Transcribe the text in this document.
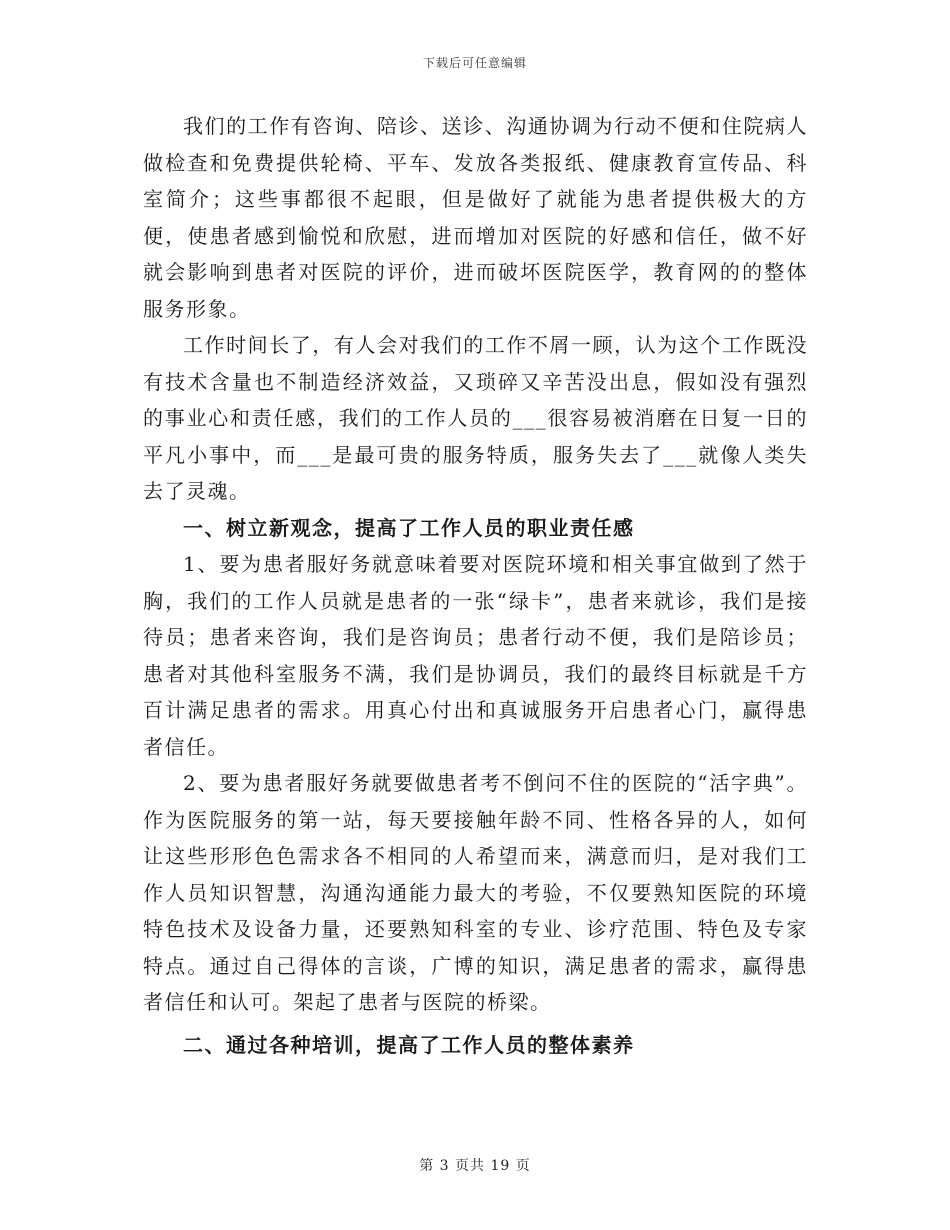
下载后可任意编辑

我们的工作有咨询、陪诊、送诊、沟通协调为行动不便和住院病人做检查和免费提供轮椅、平车、发放各类报纸、健康教育宣传品、科室简介；这些事都很不起眼，但是做好了就能为患者提供极大的方便，使患者感到愉悦和欣慰，进而增加对医院的好感和信任，做不好就会影响到患者对医院的评价，进而破坏医院医学，教育网的的整体服务形象。

工作时间长了，有人会对我们的工作不屑一顾，认为这个工作既没有技术含量也不制造经济效益，又琐碎又辛苦没出息，假如没有强烈的事业心和责任感，我们的工作人员的___很容易被消磨在日复一日的平凡小事中，而___是最可贵的服务特质，服务失去了___就像人类失去了灵魂。

一、树立新观念，提高了工作人员的职业责任感

1、要为患者服好务就意味着要对医院环境和相关事宜做到了然于胸，我们的工作人员就是患者的一张“绿卡”，患者来就诊，我们是接待员；患者来咨询，我们是咨询员；患者行动不便，我们是陪诊员；患者对其他科室服务不满，我们是协调员，我们的最终目标就是千方百计满足患者的需求。用真心付出和真诚服务开启患者心门，赢得患者信任。

2、要为患者服好务就要做患者考不倒问不住的医院的“活字典”。作为医院服务的第一站，每天要接触年龄不同、性格各异的人，如何让这些形形色色需求各不相同的人希望而来，满意而归，是对我们工作人员知识智慧，沟通沟通能力最大的考验，不仅要熟知医院的环境特色技术及设备力量，还要熟知科室的专业、诊疗范围、特色及专家特点。通过自己得体的言谈，广博的知识，满足患者的需求，赢得患者信任和认可。架起了患者与医院的桥梁。

二、通过各种培训，提高了工作人员的整体素养

第 3 页共 19 页
